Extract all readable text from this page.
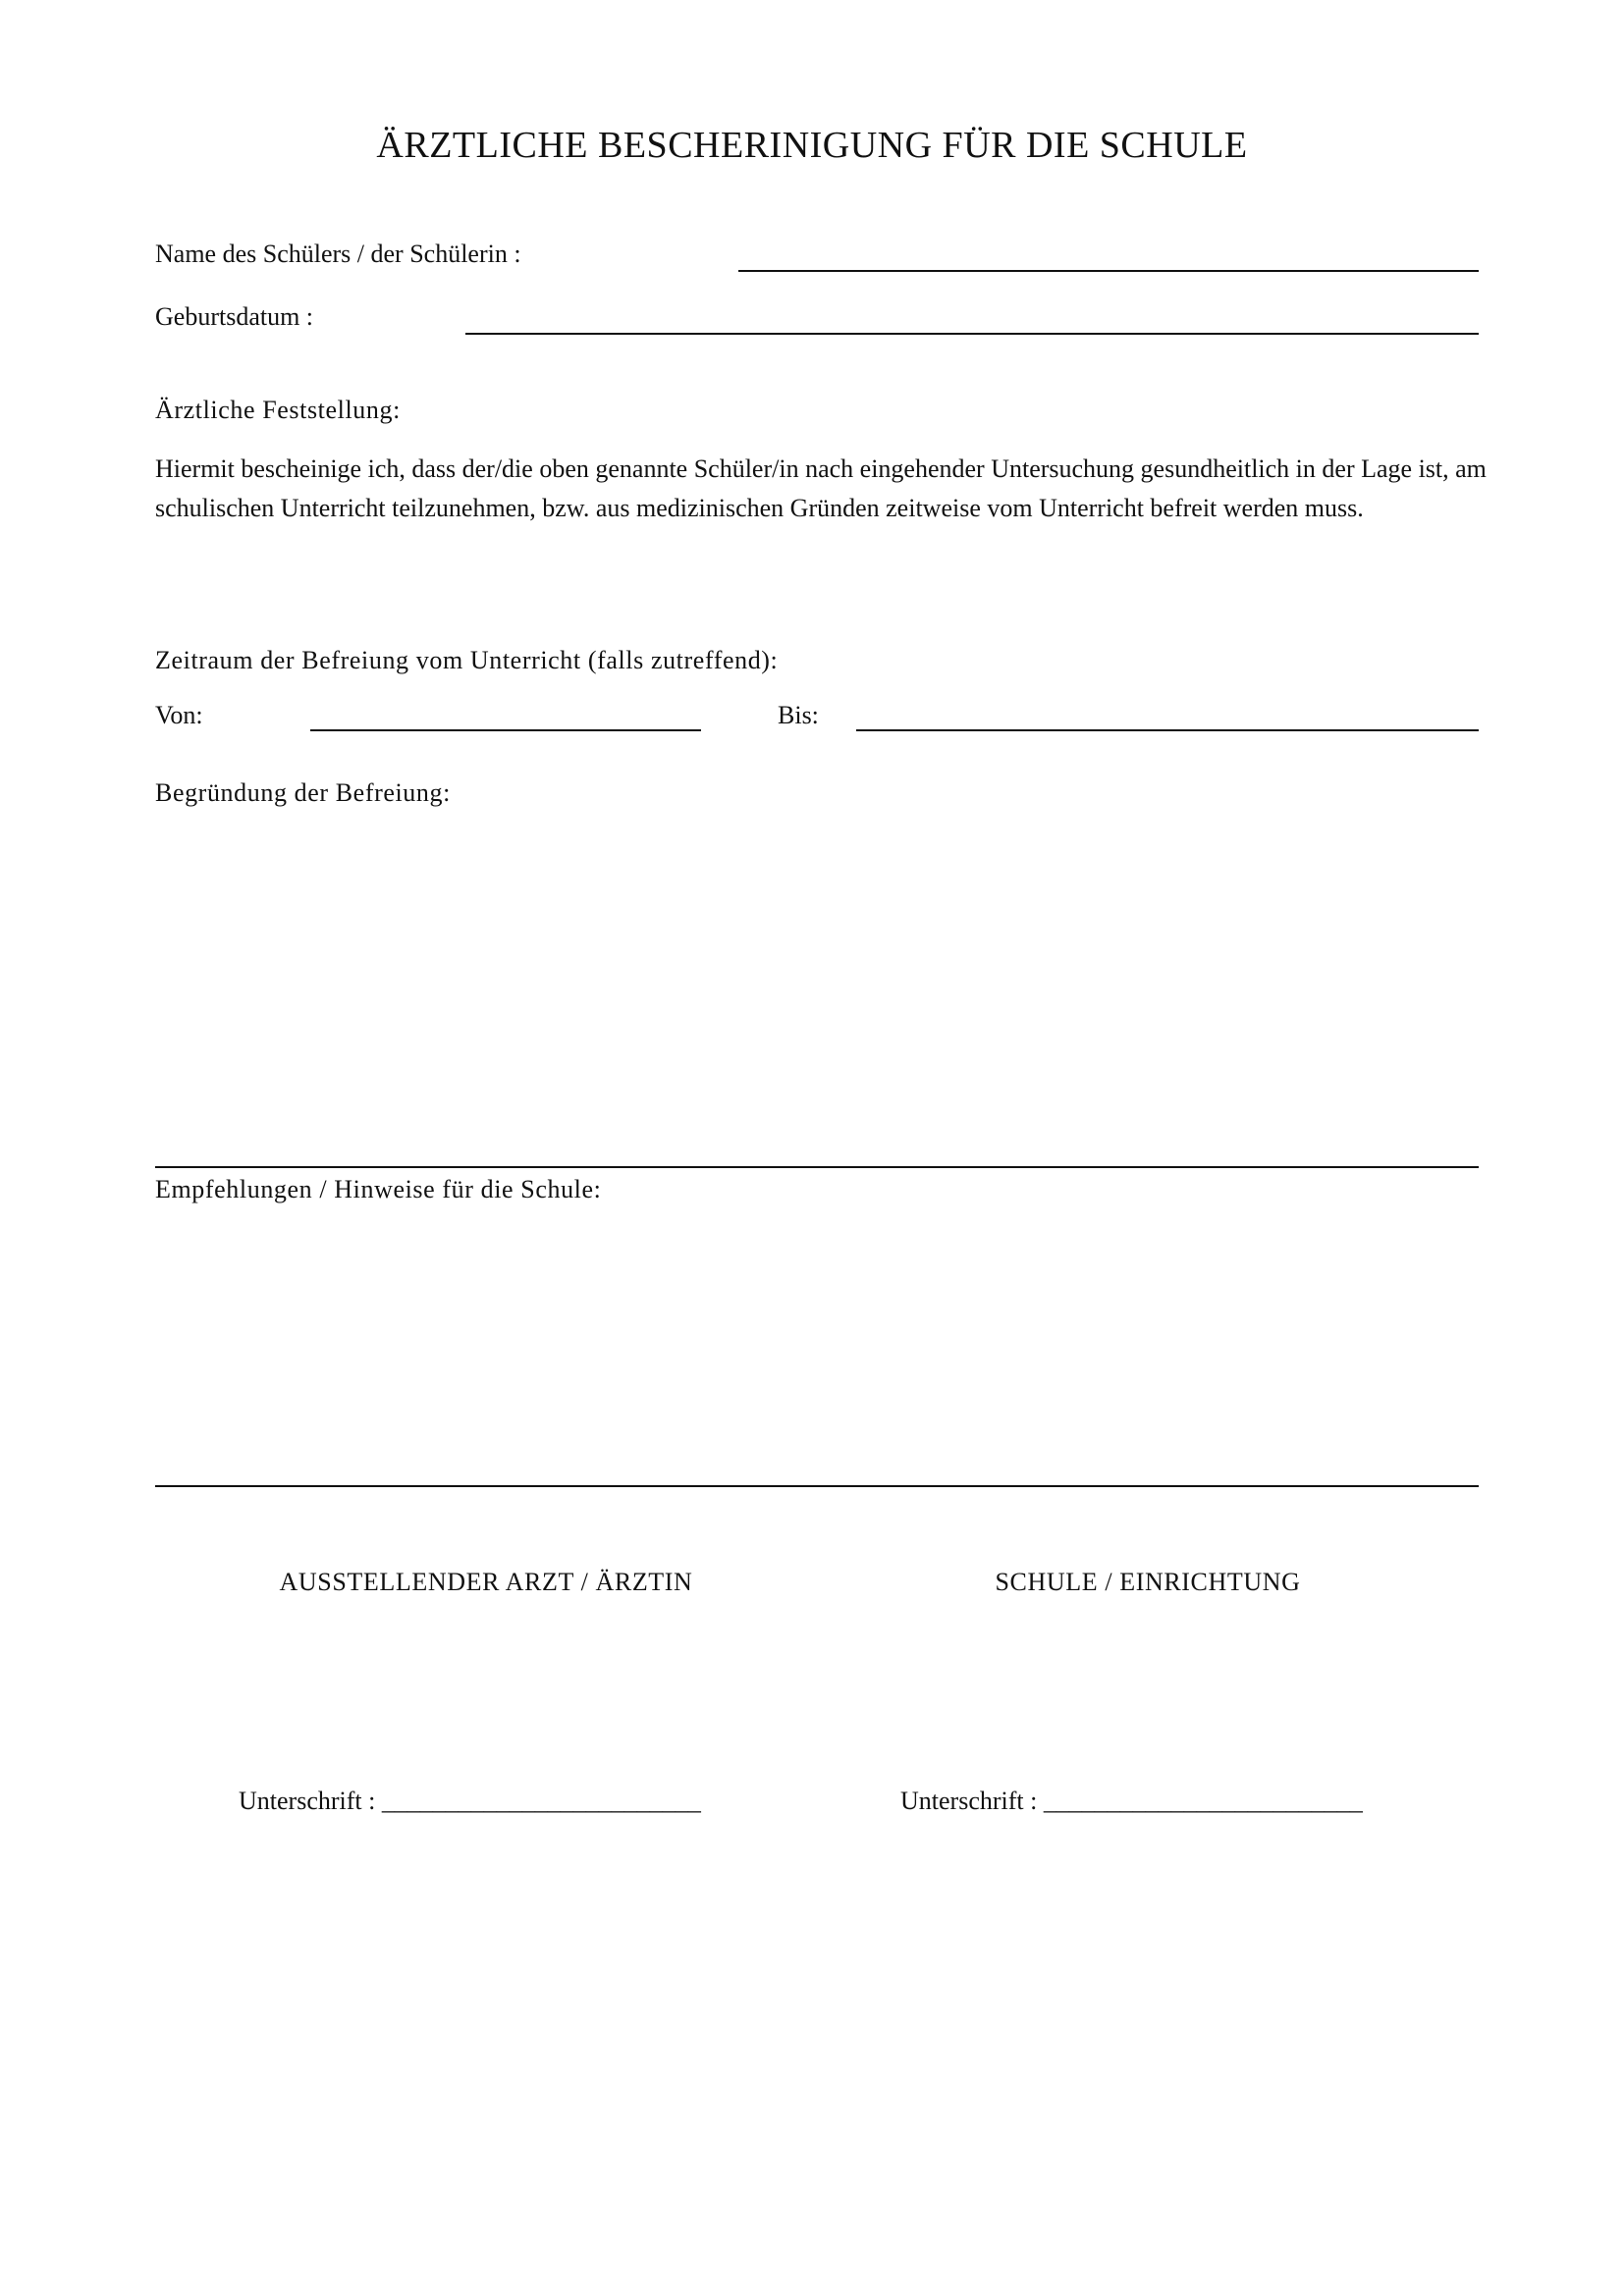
ÄRZTLICHE BESCHERINIGUNG FÜR DIE SCHULE
Name des Schülers / der Schülerin :
Geburtsdatum :
Ärztliche Feststellung:
Hiermit bescheinige ich, dass der/die oben genannte Schüler/in nach eingehender Untersuchung gesundheitlich in der Lage ist, am schulischen Unterricht teilzunehmen, bzw. aus medizinischen Gründen zeitweise vom Unterricht befreit werden muss.
Zeitraum der Befreiung vom Unterricht (falls zutreffend):
Von:	Bis:
Begründung der Befreiung:
Empfehlungen / Hinweise für die Schule:
AUSSTELLENDER ARZT / ÄRZTIN	SCHULE / EINRICHTUNG
Unterschrift : _________________________	Unterschrift : _________________________
